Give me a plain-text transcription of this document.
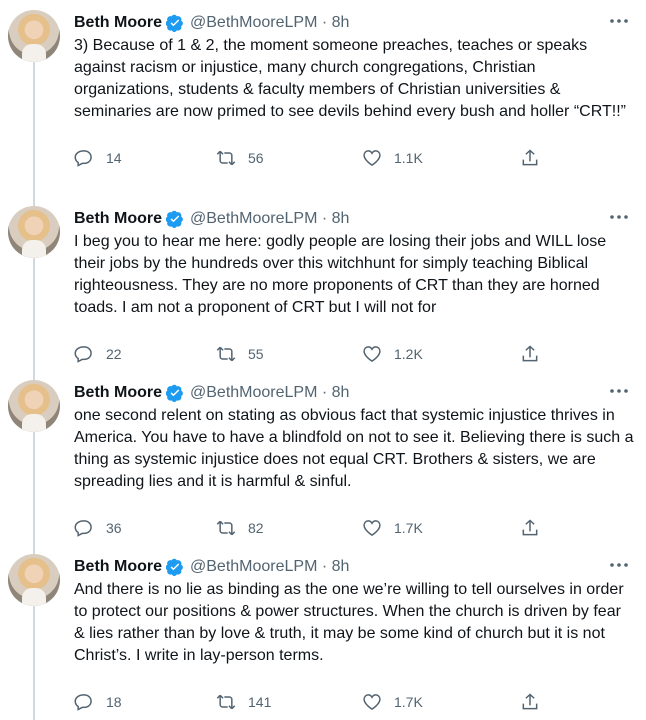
Beth Moore @BethMooreLPM · 8h
3) Because of 1 & 2, the moment someone preaches, teaches or speaks against racism or injustice, many church congregations, Christian organizations, students & faculty members of Christian universities & seminaries are now primed to see devils behind every bush and holler “CRT!!”
14	56	1.1K
Beth Moore @BethMooreLPM · 8h
I beg you to hear me here: godly people are losing their jobs and WILL lose their jobs by the hundreds over this witchhunt for simply teaching Biblical righteousness. They are no more proponents of CRT than they are horned toads. I am not a proponent of CRT but I will not for
22	55	1.2K
Beth Moore @BethMooreLPM · 8h
one second relent on stating as obvious fact that systemic injustice thrives in America. You have to have a blindfold on not to see it. Believing there is such a thing as systemic injustice does not equal CRT. Brothers & sisters, we are spreading lies and it is harmful & sinful.
36	82	1.7K
Beth Moore @BethMooreLPM · 8h
And there is no lie as binding as the one we’re willing to tell ourselves in order to protect our positions & power structures. When the church is driven by fear & lies rather than by love & truth, it may be some kind of church but it is not Christ’s. I write in lay-person terms.
18	141	1.7K
